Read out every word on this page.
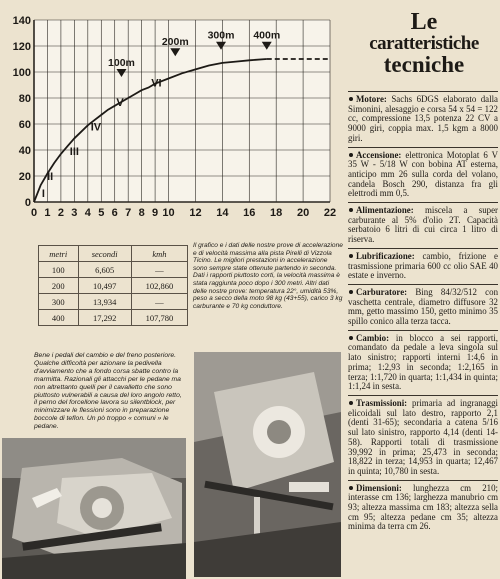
0
20
40
60
80
100
120
140
0 1 2 3 4 5 6 7 8 9 10 12 14 16 18 20 22
I
II
III
IV
V
VI
100m
200m
300m 400m
metri	secondi	kmh
100	6,605	—
200	10,497	102,860
300	13,934	—
400	17,292	107,780
Il grafico e i dati delle nostre prove di accelerazione e di velocità massima alla pista Pirelli di Vizzola Ticino. Le migliori prestazioni in accelerazione sono sempre state ottenute partendo in seconda. Dati i rapporti piuttosto corti, la velocità massima è stata raggiunta poco dopo i 300 metri. Altri dati delle nostre prove: temperatura 22°, umidità 53%, peso a secco della moto 98 kg (43+55), carico 3 kg carburante e 70 kg conduttore.
Bene i pedali del cambio e del freno posteriore. Qualche difficoltà per azionare la pedivella d'avviamento che a fondo corsa sbatte contro la marmitta. Razionali gli attacchi per le pedane ma non altrettanto quelli per il cavalletto che sono piuttosto vulnerabili a causa del loro angolo retto, il perno del forcellone lavora su silentblock, per minimizzare le flessioni sono in preparazione boccole di teflon. Un pò troppo « comuni » le pedane.
Le
caratteristiche
tecniche

Motore: Sachs 6DGS elaborato dalla Simonini, alesaggio e corsa 54 x 54 = 122 cc, compressione 13,5 potenza 22 CV a 9000 giri, coppia max. 1,5 kgm a 8000 giri.

Accensione: elettronica Motoplat 6 V 35 W - 5/18 W con bobina AT esterna, anticipo mm 26 sulla corda del volano, candela Bosch 290, distanza fra gli elettrodi mm 0,5.

Alimentazione: miscela a super carburante al 5% d'olio 2T. Capacità serbatoio 6 litri di cui circa 1 litro di riserva.

Lubrificazione: cambio, frizione e trasmissione primaria 600 cc olio SAE 40 estate e inverno.

Carburatore: Bing 84/32/512 con vaschetta centrale, diametro diffusore 32 mm, getto massimo 150, getto minimo 35 spillo conico alla terza tacca.

Cambio: in blocco a sei rapporti, comandato da pedale a leva singola sul lato sinistro; rapporti interni 1:4,6 in prima; 1:2,93 in seconda; 1:2,165 in terza; 1:1,720 in quarta; 1:1,434 in quinta; 1:1,24 in sesta.

Trasmissioni: primaria ad ingranaggi elicoidali sul lato destro, rapporto 2,1 (denti 31-65); secondaria a catena 5/16 sul lato sinistro, rapporto 4,14 (denti 14-58). Rapporti totali di trasmissione 39,992 in prima; 25,473 in seconda; 18,822 in terza; 14,953 in quarta; 12,467 in quinta; 10,780 in sesta.

Dimensioni: lunghezza cm 210; interasse cm 136; larghezza manubrio cm 93; altezza massima cm 183; altezza sella cm 95; altezza pedane cm 35; altezza minima da terra cm 26.
